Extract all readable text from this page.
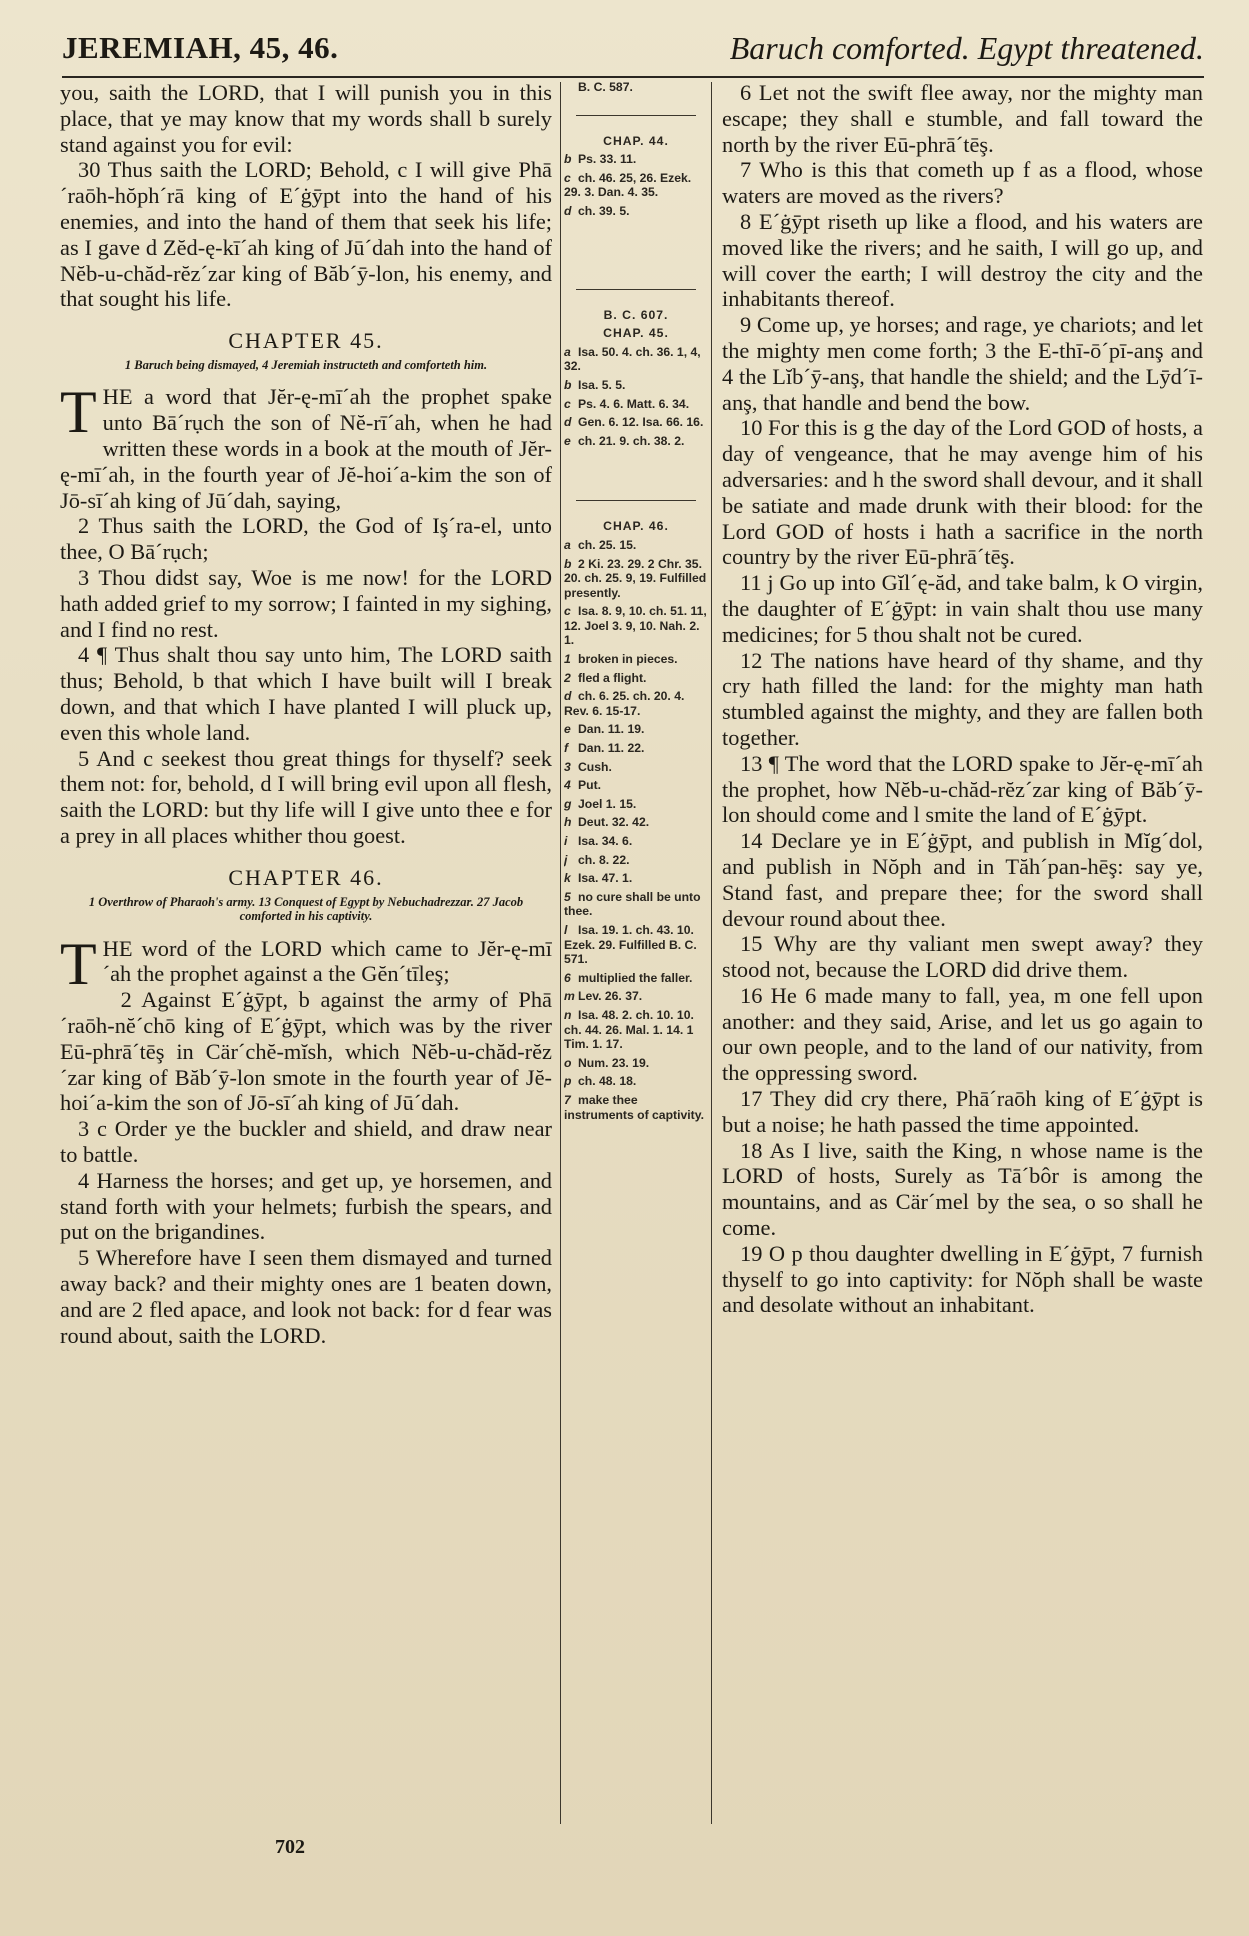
JEREMIAH, 45, 46.	Baruch comforted. Egypt threatened.

you, saith the LORD, that I will punish you in this place, that ye may know that my words shall b surely stand against you for evil:

30 Thus saith the LORD; Behold, c I will give Phā´raōh-hŏph´rā king of E´ġȳpt into the hand of his enemies, and into the hand of them that seek his life; as I gave d Zĕd-ę-kī´ah king of Jū´dah into the hand of Nĕb-u-chăd-rĕz´zar king of Băb´ȳ-lon, his enemy, and that sought his life.

CHAPTER 45.
1 Baruch being dismayed, 4 Jeremiah instructeth and comforteth him.

THE a word that Jĕr-ę-mī´ah the prophet spake unto Bā´rụch the son of Nĕ-rī´ah, when he had written these words in a book at the mouth of Jĕr-ę-mī´ah, in the fourth year of Jĕ-hoi´a-kim the son of Jō-sī´ah king of Jū´dah, saying,

2 Thus saith the LORD, the God of Iş´ra-el, unto thee, O Bā´rụch;

3 Thou didst say, Woe is me now! for the LORD hath added grief to my sorrow; I fainted in my sighing, and I find no rest.

4 ¶ Thus shalt thou say unto him, The LORD saith thus; Behold, b that which I have built will I break down, and that which I have planted I will pluck up, even this whole land.

5 And c seekest thou great things for thyself? seek them not: for, behold, d I will bring evil upon all flesh, saith the LORD: but thy life will I give unto thee e for a prey in all places whither thou goest.

CHAPTER 46.
1 Overthrow of Pharaoh's army. 13 Conquest of Egypt by Nebuchadrezzar. 27 Jacob comforted in his captivity.

THE word of the LORD which came to Jĕr-ę-mī´ah the prophet against a the Gĕn´tīleş;

2 Against E´ġȳpt, b against the army of Phā´raōh-nĕ´chō king of E´ġȳpt, which was by the river Eū-phrā´tēş in Cär´chĕ-mĭsh, which Nĕb-u-chăd-rĕz´zar king of Băb´ȳ-lon smote in the fourth year of Jĕ-hoi´a-kim the son of Jō-sī´ah king of Jū´dah.

3 c Order ye the buckler and shield, and draw near to battle.

4 Harness the horses; and get up, ye horsemen, and stand forth with your helmets; furbish the spears, and put on the brigandines.

5 Wherefore have I seen them dismayed and turned away back? and their mighty ones are 1 beaten down, and are 2 fled apace, and look not back: for d fear was round about, saith the LORD.

B. C. 587.
CHAP. 44.
b Ps. 33. 11.
c ch. 46. 25, 26. Ezek. 29. 3. Dan. 4. 35.
d ch. 39. 5.
B. C. 607.
CHAP. 45.
a Isa. 50. 4. ch. 36. 1, 4, 32.
b Isa. 5. 5.
c Ps. 4. 6. Matt. 6. 34.
d Gen. 6. 12. Isa. 66. 16.
e ch. 21. 9. ch. 38. 2.
CHAP. 46.
a ch. 25. 15.
b 2 Ki. 23. 29. 2 Chr. 35. 20. ch. 25. 9, 19. Fulfilled presently.
c Isa. 8. 9, 10. ch. 51. 11, 12. Joel 3. 9, 10. Nah. 2. 1.
1 broken in pieces.
2 fled a flight.
d ch. 6. 25. ch. 20. 4. Rev. 6. 15-17.
e Dan. 11. 19.
f Dan. 11. 22.
3 Cush.
4 Put.
g Joel 1. 15.
h Deut. 32. 42.
i Isa. 34. 6.
j ch. 8. 22.
k Isa. 47. 1.
5 no cure shall be unto thee.
l Isa. 19. 1. ch. 43. 10. Ezek. 29. Fulfilled B. C. 571.
6 multiplied the faller.
m Lev. 26. 37.
n Isa. 48. 2. ch. 10. 10. ch. 44. 26. Mal. 1. 14. 1 Tim. 1. 17.
o Num. 23. 19.
p ch. 48. 18.
7 make thee instruments of captivity.

6 Let not the swift flee away, nor the mighty man escape; they shall e stumble, and fall toward the north by the river Eū-phrā´tēş.

7 Who is this that cometh up f as a flood, whose waters are moved as the rivers?

8 E´ġȳpt riseth up like a flood, and his waters are moved like the rivers; and he saith, I will go up, and will cover the earth; I will destroy the city and the inhabitants thereof.

9 Come up, ye horses; and rage, ye chariots; and let the mighty men come forth; 3 the E-thī-ō´pī-anş and 4 the Lĭb´ȳ-anş, that handle the shield; and the Lȳd´ī-anş, that handle and bend the bow.

10 For this is g the day of the Lord GOD of hosts, a day of vengeance, that he may avenge him of his adversaries: and h the sword shall devour, and it shall be satiate and made drunk with their blood: for the Lord GOD of hosts i hath a sacrifice in the north country by the river Eū-phrā´tēş.

11 j Go up into Gĭl´ę-ăd, and take balm, k O virgin, the daughter of E´ġȳpt: in vain shalt thou use many medicines; for 5 thou shalt not be cured.

12 The nations have heard of thy shame, and thy cry hath filled the land: for the mighty man hath stumbled against the mighty, and they are fallen both together.

13 ¶ The word that the LORD spake to Jĕr-ę-mī´ah the prophet, how Nĕb-u-chăd-rĕz´zar king of Băb´ȳ-lon should come and l smite the land of E´ġȳpt.

14 Declare ye in E´ġȳpt, and publish in Mĭg´dol, and publish in Nŏph and in Tăh´pan-hēş: say ye, Stand fast, and prepare thee; for the sword shall devour round about thee.

15 Why are thy valiant men swept away? they stood not, because the LORD did drive them.

16 He 6 made many to fall, yea, m one fell upon another: and they said, Arise, and let us go again to our own people, and to the land of our nativity, from the oppressing sword.

17 They did cry there, Phā´raōh king of E´ġȳpt is but a noise; he hath passed the time appointed.

18 As I live, saith the King, n whose name is the LORD of hosts, Surely as Tā´bôr is among the mountains, and as Cär´mel by the sea, o so shall he come.

19 O p thou daughter dwelling in E´ġȳpt, 7 furnish thyself to go into captivity: for Nŏph shall be waste and desolate without an inhabitant.

702
